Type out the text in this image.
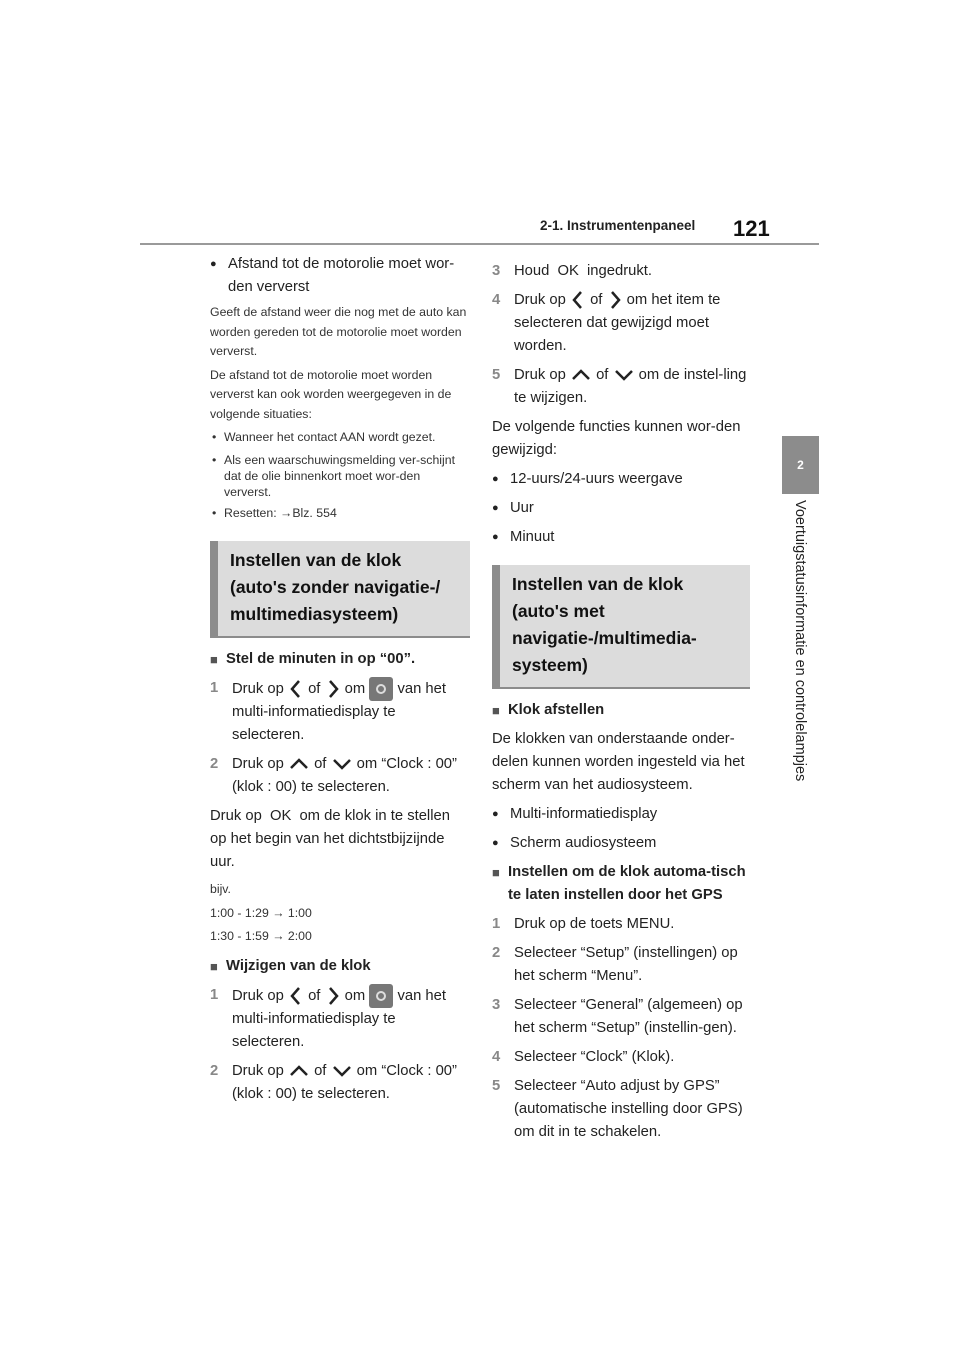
2-1. Instrumentenpaneel 121
2
Voertuigstatusinformatie en controlelampjes
● Afstand tot de motorolie moet wor-
den ververst
Geeft de afstand weer die nog met de auto kan worden gereden tot de motorolie moet worden ververst.
De afstand tot de motorolie moet worden ververst kan ook worden weergegeven in de volgende situaties:
• Wanneer het contact AAN wordt gezet.
• Als een waarschuwingsmelding ver-schijnt dat de olie binnenkort moet wor-den ververst.
• Resetten: →Blz. 554
Instellen van de klok (auto's zonder navigatie-/ multimediasysteem)
■ Stel de minuten in op “00”.
1 Druk op of om van het multi-informatiedisplay te selecteren.
2 Druk op of om “Clock : 00” (klok : 00) te selecteren.
Druk op OK om de klok in te stellen op het begin van het dichtstbijzijnde uur.
bijv.
1:00 - 1:29 → 1:00
1:30 - 1:59 → 2:00
■ Wijzigen van de klok
1 Druk op of om van het multi-informatiedisplay te selecteren.
2 Druk op of om “Clock : 00” (klok : 00) te selecteren.
3 Houd OK ingedrukt.
4 Druk op of om het item te selecteren dat gewijzigd moet worden.
5 Druk op of om de instel-ling te wijzigen.
De volgende functies kunnen wor-den gewijzigd:
● 12-uurs/24-uurs weergave
● Uur
● Minuut
Instellen van de klok (auto's met navigatie-/multimedia-systeem)
■ Klok afstellen
De klokken van onderstaande onder-delen kunnen worden ingesteld via het scherm van het audiosysteem.
● Multi-informatiedisplay
● Scherm audiosysteem
■ Instellen om de klok automa-tisch te laten instellen door het GPS
1 Druk op de toets MENU.
2 Selecteer “Setup” (instellingen) op het scherm “Menu”.
3 Selecteer “General” (algemeen) op het scherm “Setup” (instellin-gen).
4 Selecteer “Clock” (Klok).
5 Selecteer “Auto adjust by GPS” (automatische instelling door GPS) om dit in te schakelen.
